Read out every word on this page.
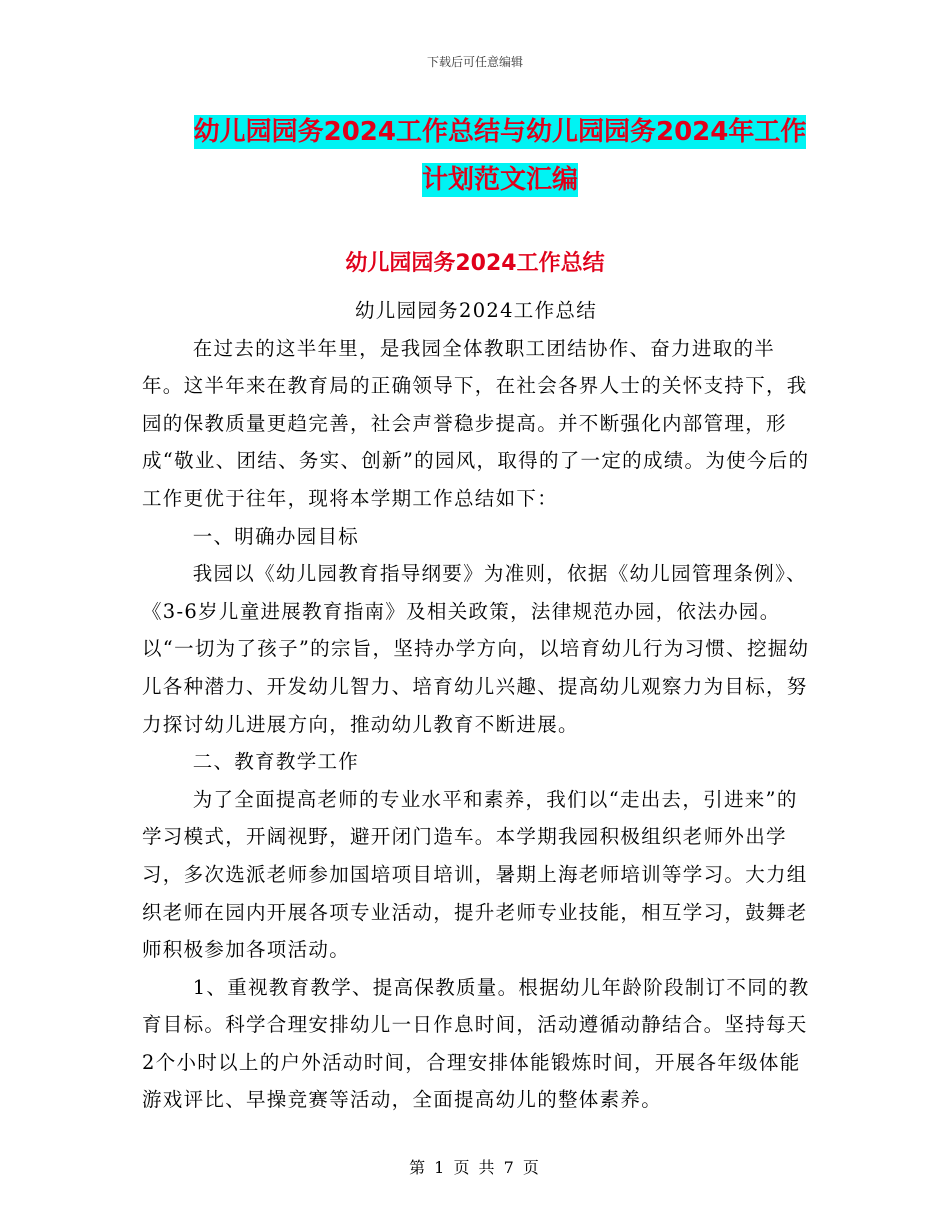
下载后可任意编辑
幼儿园园务2024工作总结与幼儿园园务2024年工作
计划范文汇编
幼儿园园务2024工作总结

幼儿园园务2024工作总结

在过去的这半年里，是我园全体教职工团结协作、奋力进取的半年。这半年来在教育局的正确领导下，在社会各界人士的关怀支持下，我园的保教质量更趋完善，社会声誉稳步提高。并不断强化内部管理，形成“敬业、团结、务实、创新”的园风，取得的了一定的成绩。为使今后的工作更优于往年，现将本学期工作总结如下：

一、明确办园目标

我园以《幼儿园教育指导纲要》为准则，依据《幼儿园管理条例》、《3-6岁儿童进展教育指南》及相关政策，法律规范办园，依法办园。以“一切为了孩子”的宗旨，坚持办学方向，以培育幼儿行为习惯、挖掘幼儿各种潜力、开发幼儿智力、培育幼儿兴趣、提高幼儿观察力为目标，努力探讨幼儿进展方向，推动幼儿教育不断进展。

二、教育教学工作

为了全面提高老师的专业水平和素养，我们以“走出去，引进来”的学习模式，开阔视野，避开闭门造车。本学期我园积极组织老师外出学习，多次选派老师参加国培项目培训，暑期上海老师培训等学习。大力组织老师在园内开展各项专业活动，提升老师专业技能，相互学习，鼓舞老师积极参加各项活动。

1、重视教育教学、提高保教质量。根据幼儿年龄阶段制订不同的教育目标。科学合理安排幼儿一日作息时间，活动遵循动静结合。坚持每天2个小时以上的户外活动时间，合理安排体能锻炼时间，开展各年级体能游戏评比、早操竞赛等活动，全面提高幼儿的整体素养。

第 1 页 共 7 页
